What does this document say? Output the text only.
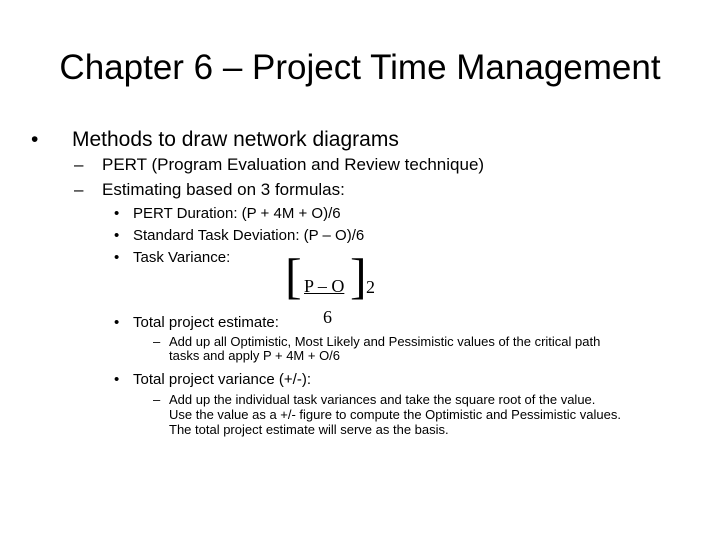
Chapter 6 – Project Time Management
• Methods to draw network diagrams
– PERT (Program Evaluation and Review technique)
– Estimating based on 3 formulas:
• PERT Duration: (P + 4M + O)/6
• Standard Task Deviation: (P – O)/6
• Task Variance: [ P – O ] 2
6
• Total project estimate:
– Add up all Optimistic, Most Likely and Pessimistic values of the critical path
tasks and apply P + 4M + O/6
• Total project variance (+/-):
– Add up the individual task variances and take the square root of the value.
Use the value as a +/- figure to compute the Optimistic and Pessimistic values.
The total project estimate will serve as the basis.
